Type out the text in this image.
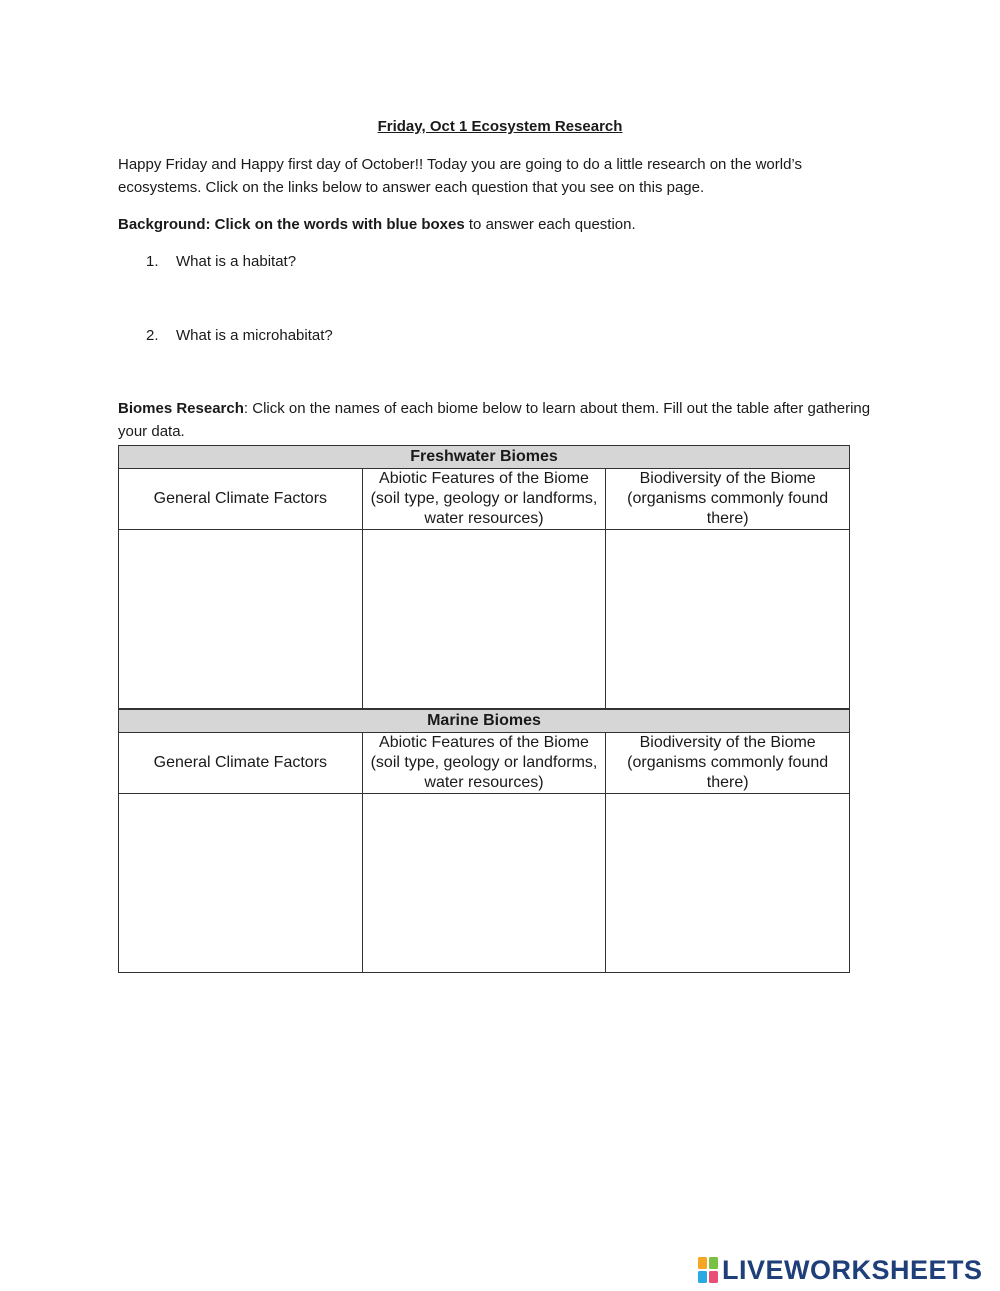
Friday, Oct 1 Ecosystem Research
Happy Friday and Happy first day of October!! Today you are going to do a little research on the world’s ecosystems. Click on the links below to answer each question that you see on this page.
Background: Click on the words with blue boxes to answer each question.
1. What is a habitat?
2. What is a microhabitat?
Biomes Research: Click on the names of each biome below to learn about them. Fill out the table after gathering your data.
Freshwater Biomes		
General Climate Factors	Abiotic Features of the Biome (soil type, geology or landforms, water resources)	Biodiversity of the Biome (organisms commonly found there)

Marine Biomes		
General Climate Factors	Abiotic Features of the Biome (soil type, geology or landforms, water resources)	Biodiversity of the Biome (organisms commonly found there)

LIVEWORKSHEETS
